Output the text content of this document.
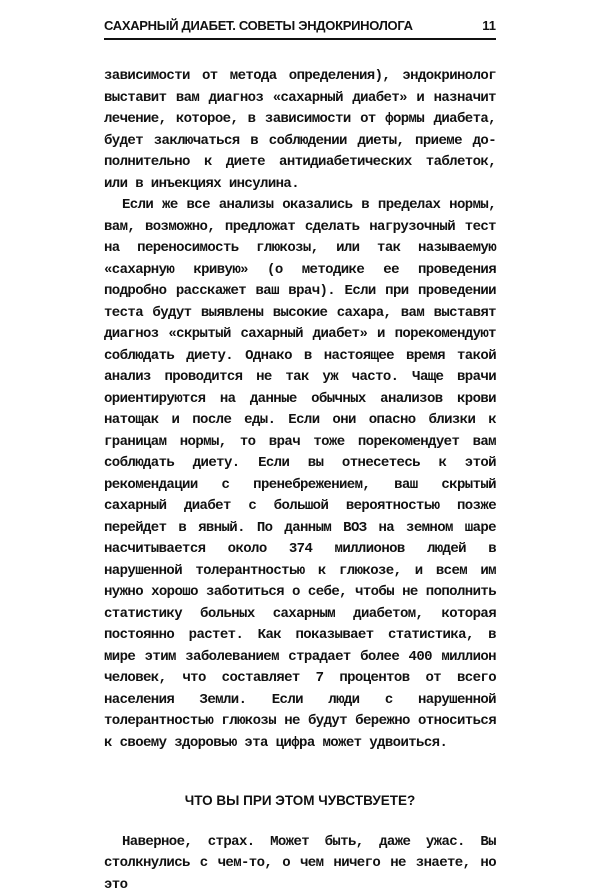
САХАРНЫЙ ДИАБЕТ. СОВЕТЫ ЭНДОКРИНОЛОГА	11

зависимости от метода определения), эндокринолог выставит вам диагноз «сахарный диабет» и назначит лечение, которое, в зависимости от формы диабета, будет заключаться в соблюдении диеты, приеме до-полнительно к диете антидиабетических таблеток, или в инъекциях инсулина.

Если же все анализы оказались в пределах нормы, вам, возможно, предложат сделать нагрузочный тест на переносимость глюкозы, или так называемую «сахарную кривую» (о методике ее проведения подробно расскажет ваш врач). Если при проведении теста будут выявлены высокие сахара, вам выставят диагноз «скрытый сахарный диабет» и порекомендуют соблюдать диету. Однако в настоящее время такой анализ проводится не так уж часто. Чаще врачи ориентируются на данные обычных анализов крови натощак и после еды. Если они опасно близки к границам нормы, то врач тоже порекомендует вам соблюдать диету. Если вы отнесетесь к этой рекомендации с пренебрежением, ваш скрытый сахарный диабет с большой вероятностью позже перейдет в явный. По данным ВОЗ на земном шаре насчитывается около 374 миллионов людей в нарушенной толерантностью к глюкозе, и всем им нужно хорошо заботиться о себе, чтобы не пополнить статистику больных сахарным диабетом, которая постоянно растет. Как показывает статистика, в мире этим заболеванием страдает более 400 миллион человек, что составляет 7 процентов от всего населения Земли. Если люди с нарушенной толерантностью глюкозы не будут бережно относиться к своему здоровью эта цифра может удвоиться.

ЧТО ВЫ ПРИ ЭТОМ ЧУВСТВУЕТЕ?

Наверное, страх. Может быть, даже ужас. Вы столкнулись с чем-то, о чем ничего не знаете, но это
